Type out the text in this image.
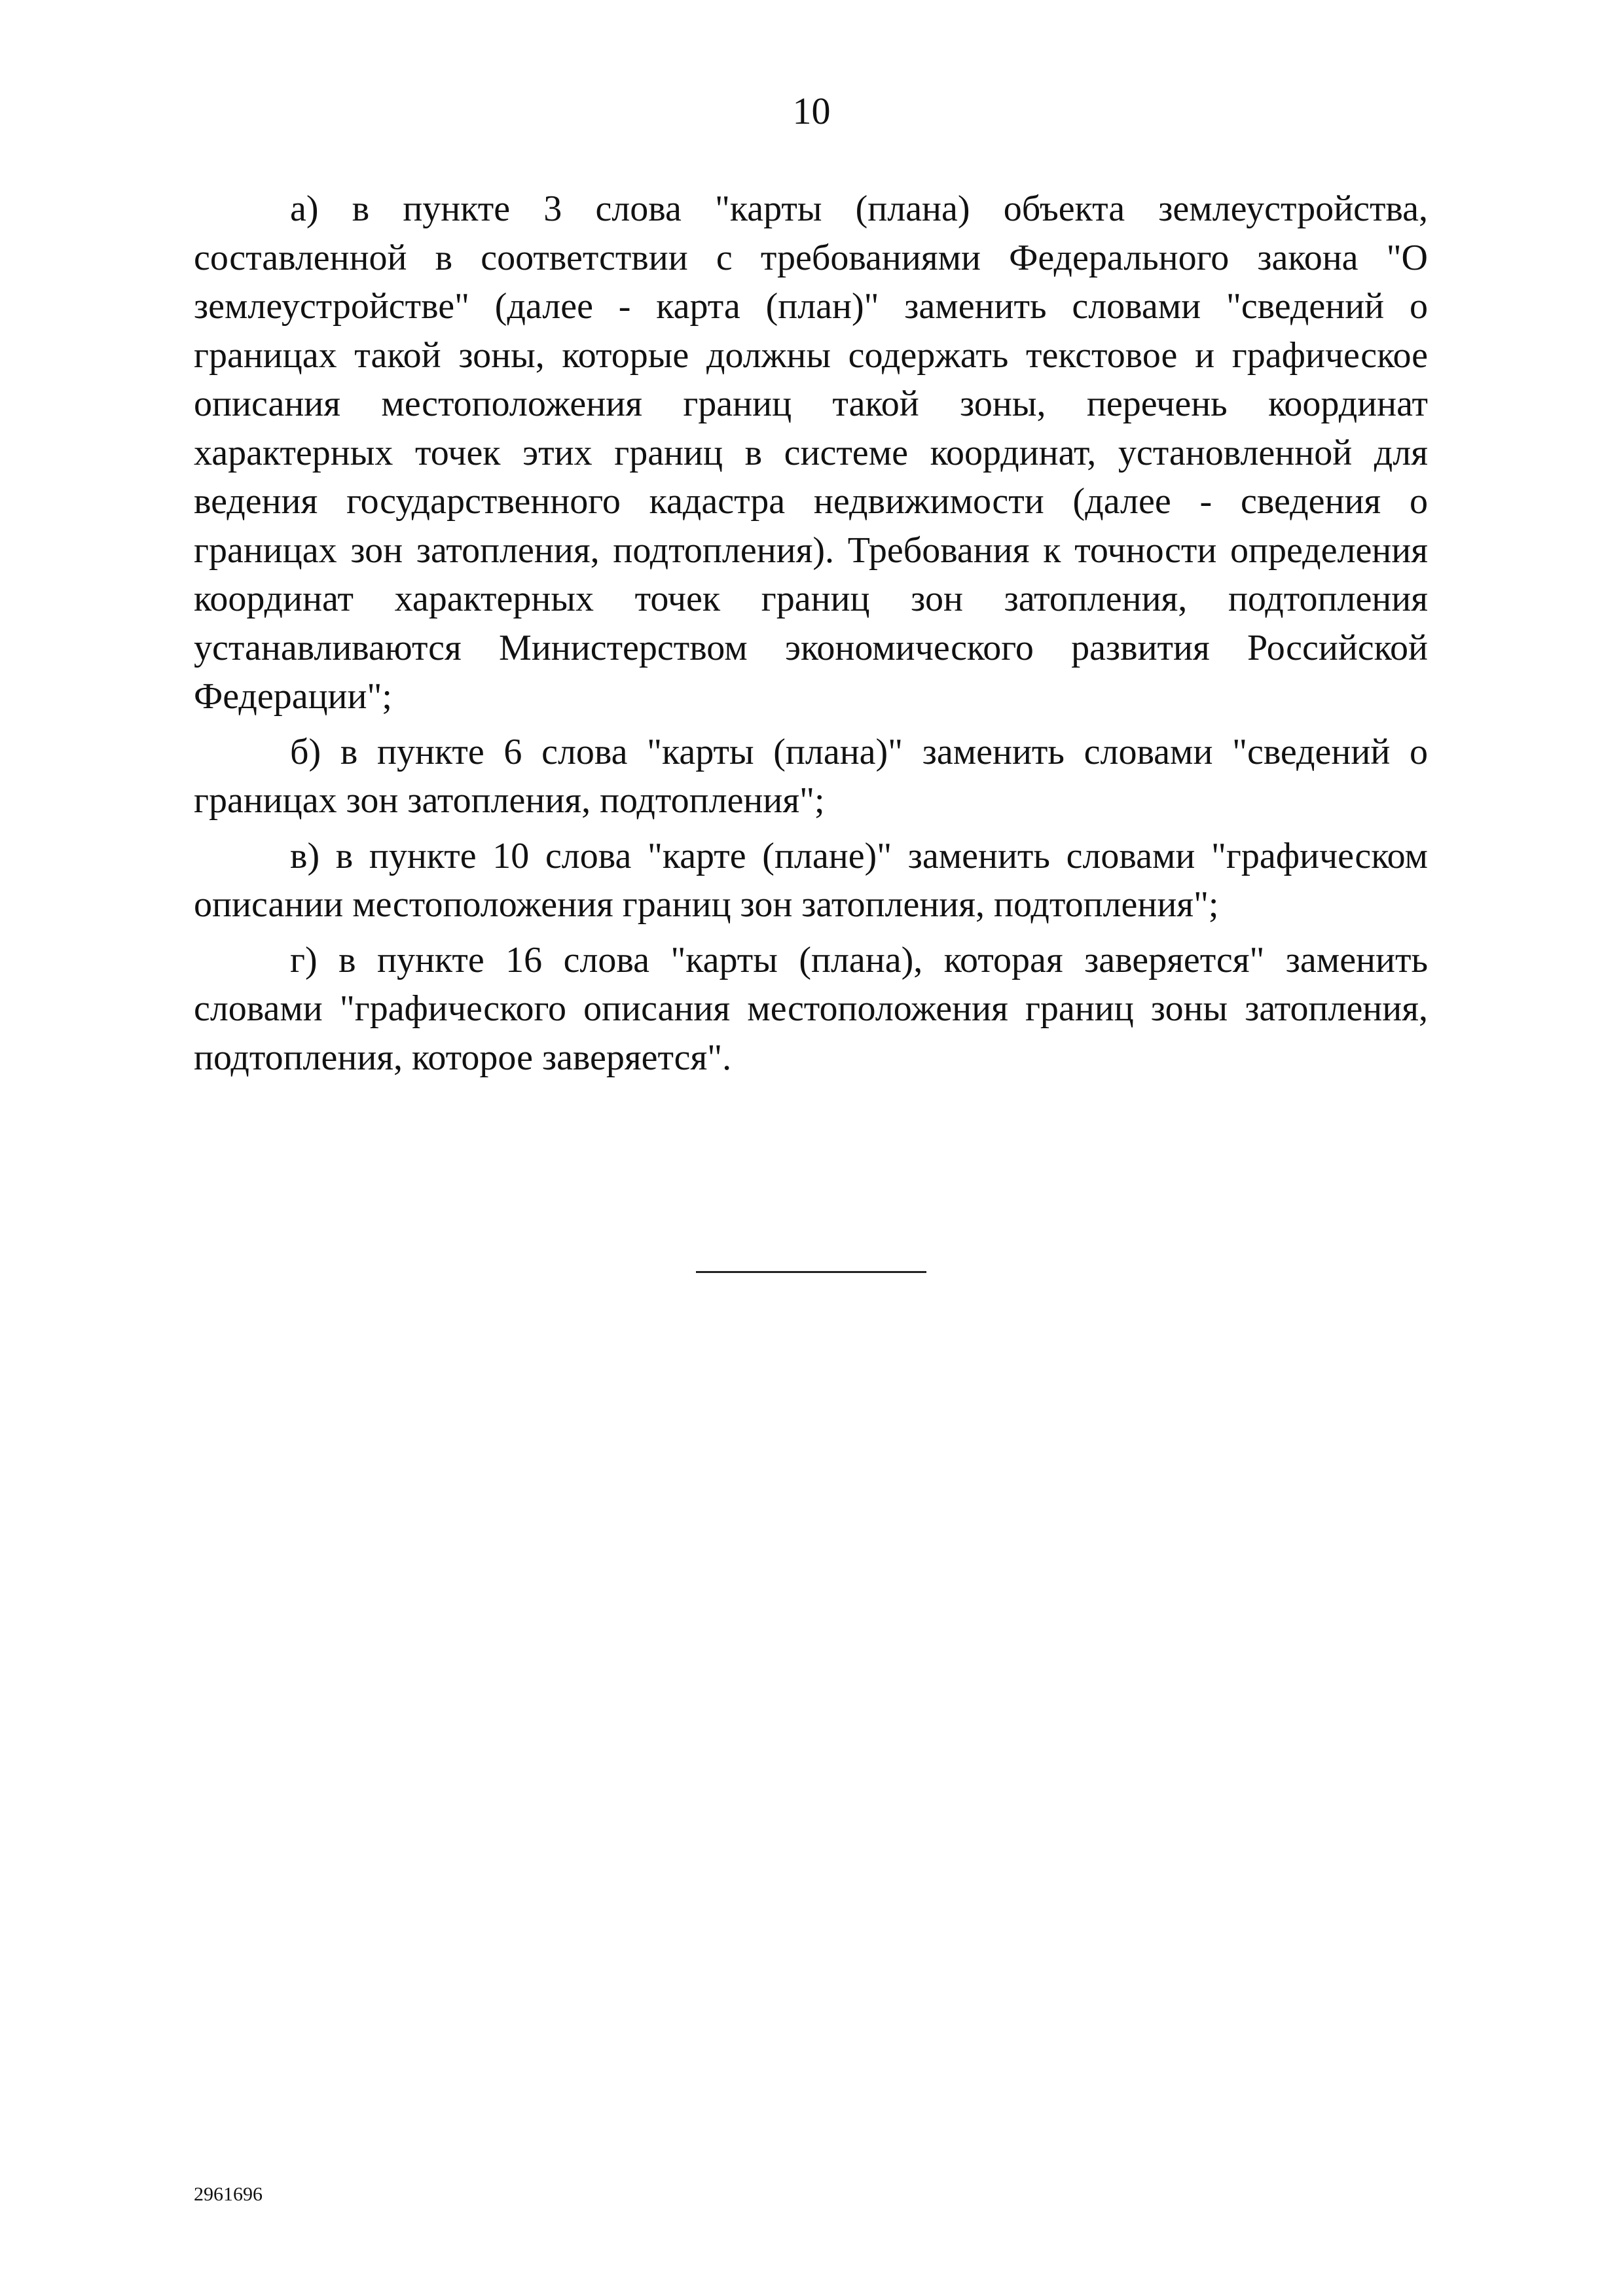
10

а) в пункте 3 слова "карты (плана) объекта землеустройства, составленной в соответствии с требованиями Федерального закона "О землеустройстве" (далее - карта (план)" заменить словами "сведений о границах такой зоны, которые должны содержать текстовое и графическое описания местоположения границ такой зоны, перечень координат характерных точек этих границ в системе координат, установленной для ведения государственного кадастра недвижимости (далее - сведения о границах зон затопления, подтопления). Требования к точности определения координат характерных точек границ зон затопления, подтопления устанавливаются Министерством экономического развития Российской Федерации";

б) в пункте 6 слова "карты (плана)" заменить словами "сведений о границах зон затопления, подтопления";

в) в пункте 10 слова "карте (плане)" заменить словами "графическом описании местоположения границ зон затопления, подтопления";

г) в пункте 16 слова "карты (плана), которая заверяется" заменить словами "графического описания местоположения границ зоны затопления, подтопления, которое заверяется".

2961696
